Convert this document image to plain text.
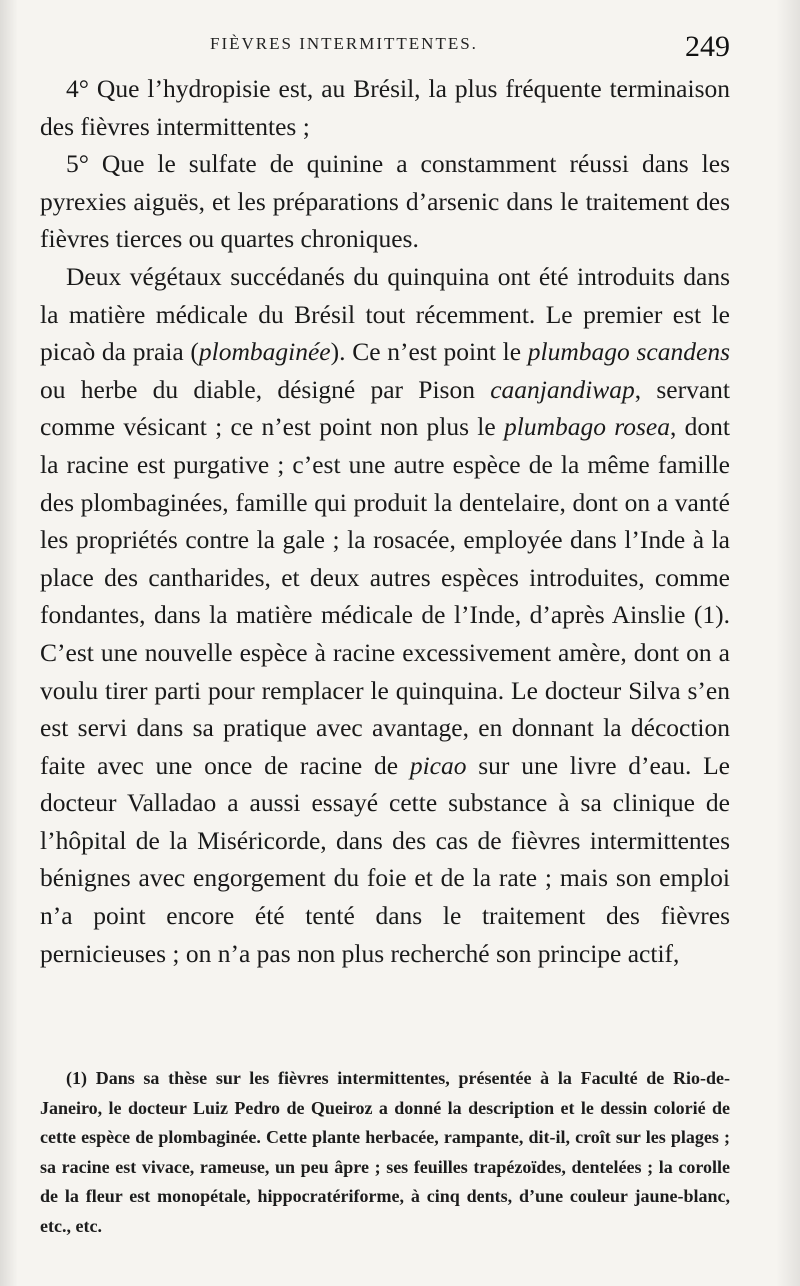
FIÈVRES INTERMITTENTES.	249

4° Que l’hydropisie est, au Brésil, la plus fréquente terminaison des fièvres intermittentes ;

5° Que le sulfate de quinine a constamment réussi dans les pyrexies aiguës, et les préparations d’arsenic dans le traitement des fièvres tierces ou quartes chroniques.

Deux végétaux succédanés du quinquina ont été introduits dans la matière médicale du Brésil tout récemment. Le premier est le picaò da praia (plombaginée). Ce n’est point le plumbago scandens ou herbe du diable, désigné par Pison caanjandiwap, servant comme vésicant ; ce n’est point non plus le plumbago rosea, dont la racine est purgative ; c’est une autre espèce de la même famille des plombaginées, famille qui produit la dentelaire, dont on a vanté les propriétés contre la gale ; la rosacée, employée dans l’Inde à la place des cantharides, et deux autres espèces introduites, comme fondantes, dans la matière médicale de l’Inde, d’après Ainslie (1). C’est une nouvelle espèce à racine excessivement amère, dont on a voulu tirer parti pour remplacer le quinquina. Le docteur Silva s’en est servi dans sa pratique avec avantage, en donnant la décoction faite avec une once de racine de picao sur une livre d’eau. Le docteur Valladao a aussi essayé cette substance à sa clinique de l’hôpital de la Miséricorde, dans des cas de fièvres intermittentes bénignes avec engorgement du foie et de la rate ; mais son emploi n’a point encore été tenté dans le traitement des fièvres pernicieuses ; on n’a pas non plus recherché son principe actif,

(1) Dans sa thèse sur les fièvres intermittentes, présentée à la Faculté de Rio-de-Janeiro, le docteur Luiz Pedro de Queiroz a donné la description et le dessin colorié de cette espèce de plombaginée. Cette plante herbacée, rampante, dit-il, croît sur les plages ; sa racine est vivace, rameuse, un peu âpre ; ses feuilles trapézoïdes, dentelées ; la corolle de la fleur est monopétale, hippocratériforme, à cinq dents, d’une couleur jaune-blanc, etc., etc.
